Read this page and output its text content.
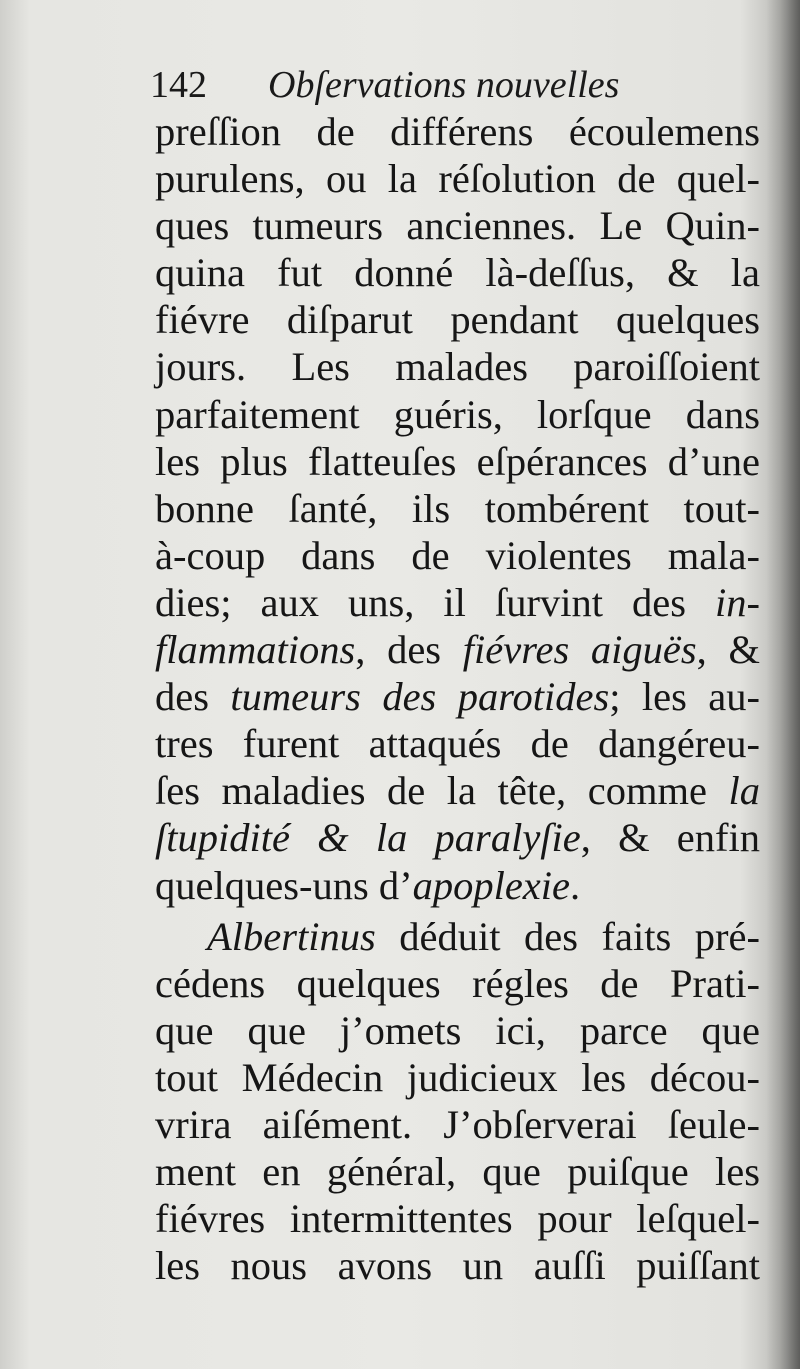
142 Obſervations nouvelles
preſſion de différens écoulemens
purulens, ou la réſolution de quel-
ques tumeurs anciennes. Le Quin-
quina fut donné là-deſſus, & la
fiévre diſparut pendant quelques
jours. Les malades paroiſſoient
parfaitement guéris, lorſque dans
les plus flatteuſes eſpérances d’une
bonne ſanté, ils tombérent tout-
à-coup dans de violentes mala-
dies; aux uns, il ſurvint des in-
flammations, des fiévres aiguës, &
des tumeurs des parotides; les au-
tres furent attaqués de dangéreu-
ſes maladies de la tête, comme la
ſtupidité & la paralyſie, & enfin
quelques-uns d’apoplexie.
Albertinus déduit des faits pré-
cédens quelques régles de Prati-
que que j’omets ici, parce que
tout Médecin judicieux les décou-
vrira aiſément. J’obſerverai ſeule-
ment en général, que puiſque les
fiévres intermittentes pour leſquel-
les nous avons un auſſi puiſſant
